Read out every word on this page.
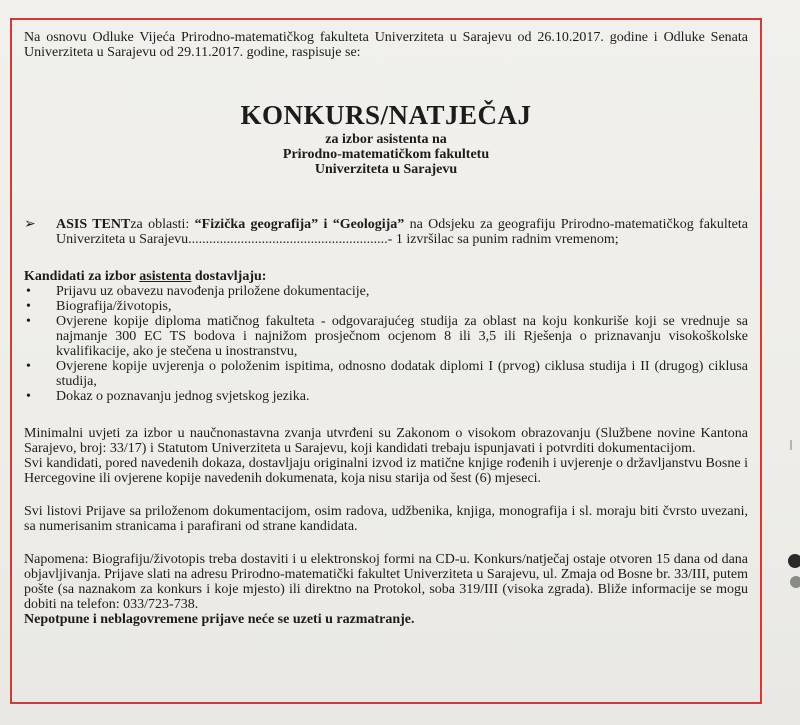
Na osnovu Odluke Vijeća Prirodno-matematičkog fakulteta Univerziteta u Sarajevu od 26.10.2017. godine i Odluke Senata Univerziteta u Sarajevu od 29.11.2017. godine, raspisuje se:

KONKURS/NATJEČAJ

za izbor asistenta na

Prirodno-matematičkom fakultetu

Univerziteta u Sarajevu

➢	ASIS TENTza oblasti: “Fizička geografija” i “Geologija” na Odsjeku za geografiju Prirodno-matematičkog fakulteta Univerziteta u Sarajevu.........................................................- 1 izvršilac sa punim radnim vremenom;

Kandidati za izbor asistenta dostavljaju:

•	Prijavu uz obavezu navođenja priložene dokumentacije,
•	Biografija/životopis,
•	Ovjerene kopije diploma matičnog fakulteta - odgovarajućeg studija za oblast na koju konkuriše koji se vrednuje sa najmanje 300 EC TS bodova i najnižom prosječnom ocjenom 8 ili 3,5 ili Rješenja o priznavanju visokoškolske kvalifikacije, ako je stečena u inostranstvu,
•	Ovjerene kopije uvjerenja o položenim ispitima, odnosno dodatak diplomi I (prvog) ciklusa studija i II (drugog) ciklusa studija,
•	Dokaz o poznavanju jednog svjetskog jezika.

Minimalni uvjeti za izbor u naučnonastavna zvanja utvrđeni su Zakonom o visokom obrazovanju (Službene novine Kantona Sarajevo, broj: 33/17) i Statutom Univerziteta u Sarajevu, koji kandidati trebaju ispunjavati i potvrditi dokumentacijom.

Svi kandidati, pored navedenih dokaza, dostavljaju originalni izvod iz matične knjige rođenih i uvjerenje o državljanstvu Bosne i Hercegovine ili ovjerene kopije navedenih dokumenata, koja nisu starija od šest (6) mjeseci.

Svi listovi Prijave sa priloženom dokumentacijom, osim radova, udžbenika, knjiga, monografija i sl. moraju biti čvrsto uvezani, sa numerisanim stranicama i parafirani od strane kandidata.

Napomena: Biografiju/životopis treba dostaviti i u elektronskoj formi na CD-u. Konkurs/natječaj ostaje otvoren 15 dana od dana objavljivanja. Prijave slati na adresu Prirodno-matematički fakultet Univerziteta u Sarajevu, ul. Zmaja od Bosne br. 33/III, putem pošte (sa naznakom za konkurs i koje mjesto) ili direktno na Protokol, soba 319/III (visoka zgrada). Bliže informacije se mogu dobiti na telefon: 033/723-738.

Nepotpune i neblagovremene prijave neće se uzeti u razmatranje.
